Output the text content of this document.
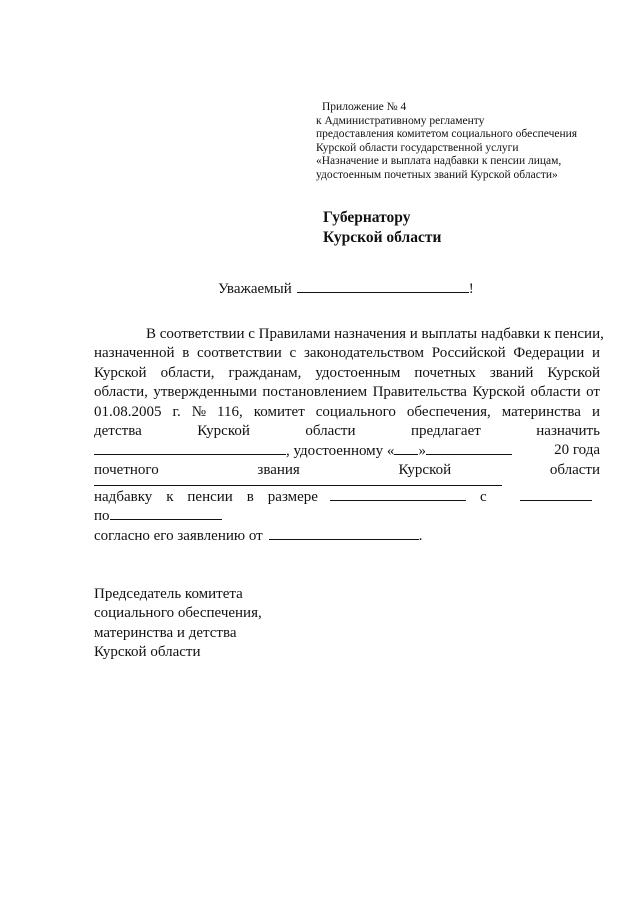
Приложение № 4
к Административному регламенту
предоставления комитетом социального обеспечения
Курской области государственной услуги
«Назначение и выплата надбавки к пенсии лицам,
удостоенным почетных званий Курской области»
Губернатору
Курской области
Уважаемый	!
В соответствии с Правилами назначения и выплаты надбавки к пенсии,
назначенной в соответствии с законодательством Российской Федерации и
Курской области, гражданам, удостоенным почетных званий Курской
области, утвержденными постановлением Правительства Курской области от
01.08.2005 г. № 116, комитет социального обеспечения, материнства и
детства	Курской	области	предлагает	назначить
, удостоенному « »	20 года
почетного	звания	Курской	области
надбавку к пенсии в размере	с
по
согласно его заявлению от	.
Председатель комитета
социального обеспечения,
материнства и детства
Курской области
